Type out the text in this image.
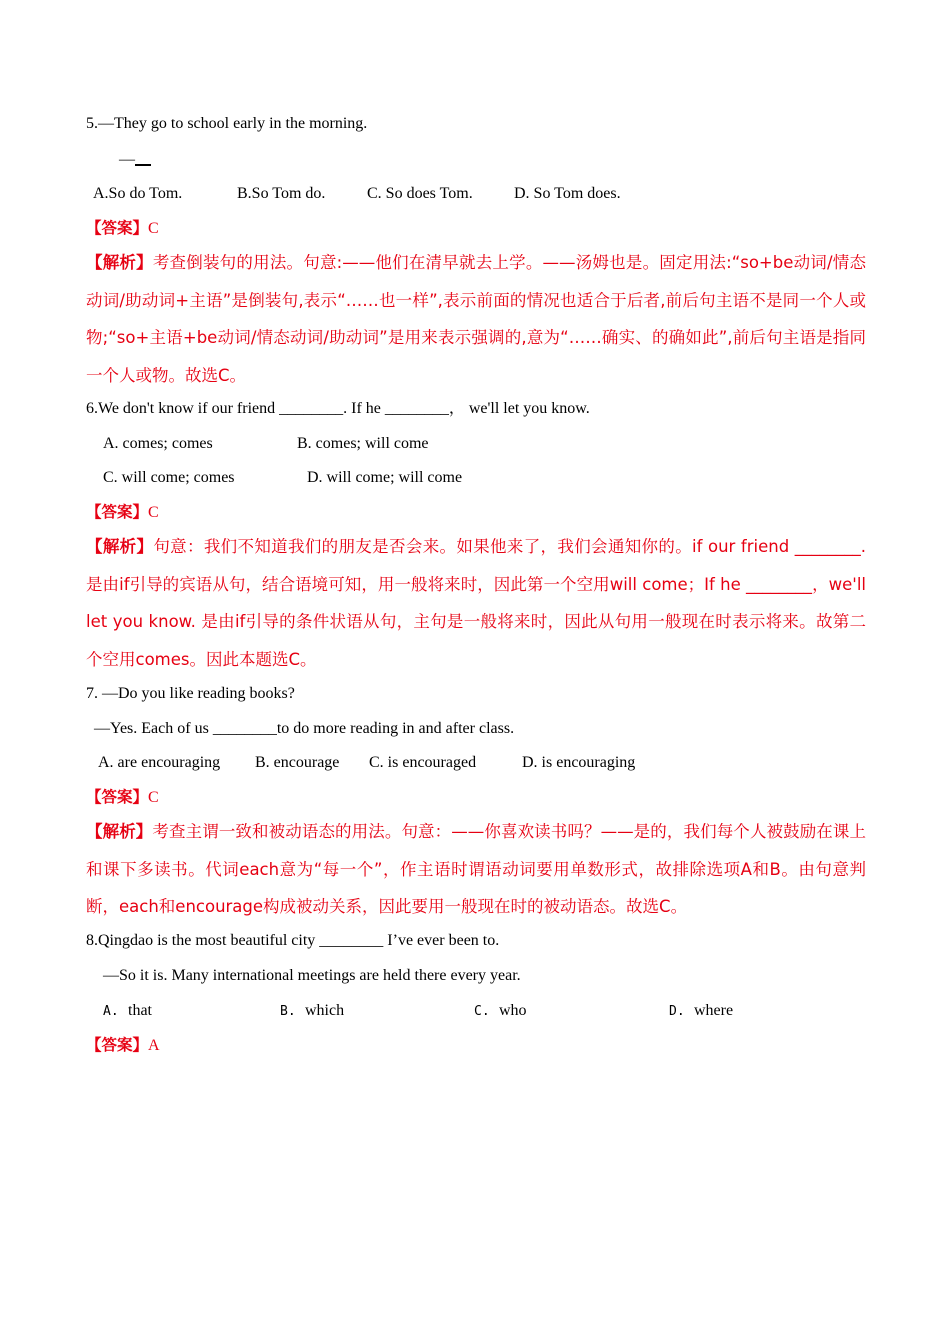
5.—They go to school early in the morning.
—
A.So do Tom.	B.So Tom do.	C. So does Tom.	D. So Tom does.
【答案】C
【解析】考查倒装句的用法。句意:——他们在清早就去上学。——汤姆也是。固定用法:“so+be动词/情态动词/助动词+主语”是倒装句,表示“……也一样”,表示前面的情况也适合于后者,前后句主语不是同一个人或物;“so+主语+be动词/情态动词/助动词”是用来表示强调的,意为“……确实、的确如此”,前后句主语是指同一个人或物。故选C。
6.We don't know if our friend ________. If he ________， we'll let you know.
A. comes; comes	B. comes; will come
C. will come; comes	D. will come; will come
【答案】C
【解析】句意：我们不知道我们的朋友是否会来。如果他来了，我们会通知你的。if our friend ________.是由if引导的宾语从句，结合语境可知，用一般将来时，因此第一个空用will come；If he ________，we'll let you know. 是由if引导的条件状语从句，主句是一般将来时，因此从句用一般现在时表示将来。故第二个空用comes。因此本题选C。
7. —Do you like reading books?
—Yes. Each of us ________to do more reading in and after class.
A. are encouraging B. encourage C. is encouraged	D. is encouraging
【答案】C
【解析】考查主谓一致和被动语态的用法。句意：——你喜欢读书吗？——是的，我们每个人被鼓励在课上和课下多读书。代词each意为“每一个”，作主语时谓语动词要用单数形式，故排除选项A和B。由句意判断，each和encourage构成被动关系，因此要用一般现在时的被动语态。故选C。
8.Qingdao is the most beautiful city ________ I’ve ever been to.
—So it is. Many international meetings are held there every year.
A. that	B. which	C. who	D. where
【答案】A
